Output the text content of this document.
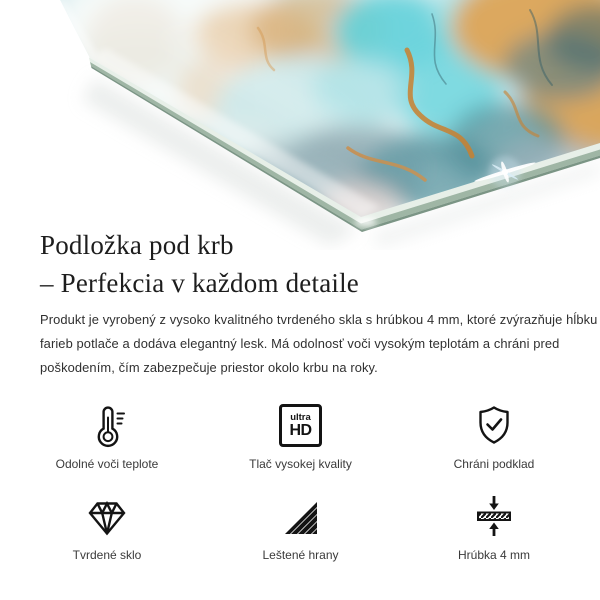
Podložka pod krb
– Perfekcia v každom detaile

Produkt je vyrobený z vysoko kvalitného tvrdeného skla s hrúbkou 4 mm, ktoré zvýrazňuje hĺbku
farieb potlače a dodáva elegantný lesk. Má odolnosť voči vysokým teplotám a chráni pred
poškodením, čím zabezpečuje priestor okolo krbu na roky.

Odolné voči teplote
ultra
HD
Tlač vysokej kvality	Chráni podklad
Tvrdené sklo	Leštené hrany	Hrúbka 4 mm
